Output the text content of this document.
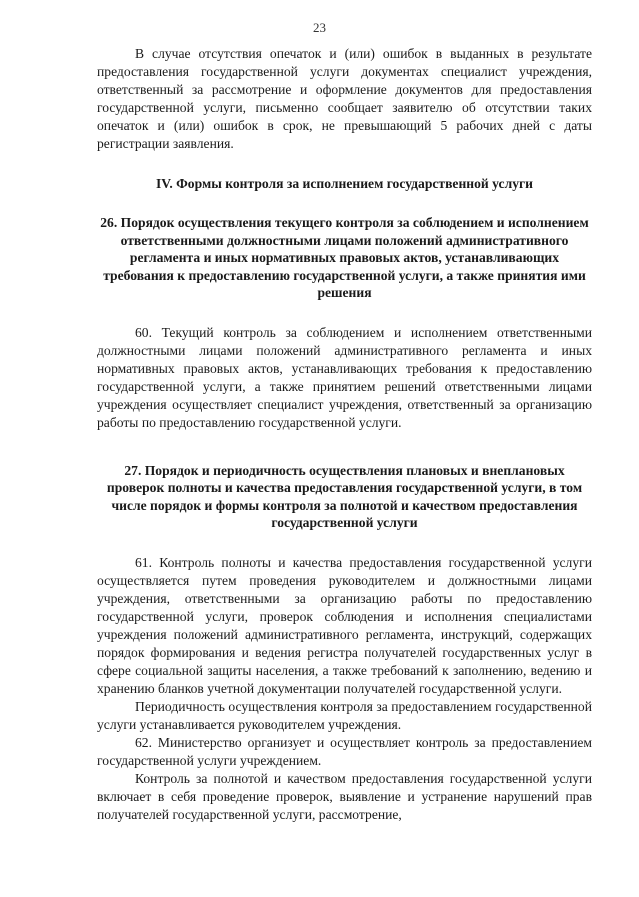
23

В случае отсутствия опечаток и (или) ошибок в выданных в результате предоставления государственной услуги документах специалист учреждения, ответственный за рассмотрение и оформление документов для предоставления государственной услуги, письменно сообщает заявителю об отсутствии таких опечаток и (или) ошибок в срок, не превышающий 5 рабочих дней с даты регистрации заявления.

IV. Формы контроля за исполнением государственной услуги

26. Порядок осуществления текущего контроля за соблюдением и исполнением ответственными должностными лицами положений административного регламента и иных нормативных правовых актов, устанавливающих требования к предоставлению государственной услуги, а также принятия ими решения

60. Текущий контроль за соблюдением и исполнением ответственными должностными лицами положений административного регламента и иных нормативных правовых актов, устанавливающих требования к предоставлению государственной услуги, а также принятием решений ответственными лицами учреждения осуществляет специалист учреждения, ответственный за организацию работы по предоставлению государственной услуги.

27. Порядок и периодичность осуществления плановых и внеплановых проверок полноты и качества предоставления государственной услуги, в том числе порядок и формы контроля за полнотой и качеством предоставления государственной услуги

61. Контроль полноты и качества предоставления государственной услуги осуществляется путем проведения руководителем и должностными лицами учреждения, ответственными за организацию работы по предоставлению государственной услуги, проверок соблюдения и исполнения специалистами учреждения положений административного регламента, инструкций, содержащих порядок формирования и ведения регистра получателей государственных услуг в сфере социальной защиты населения, а также требований к заполнению, ведению и хранению бланков учетной документации получателей государственной услуги.

Периодичность осуществления контроля за предоставлением государственной услуги устанавливается руководителем учреждения.

62. Министерство организует и осуществляет контроль за предоставлением государственной услуги учреждением.

Контроль за полнотой и качеством предоставления государственной услуги включает в себя проведение проверок, выявление и устранение нарушений прав получателей государственной услуги, рассмотрение,
